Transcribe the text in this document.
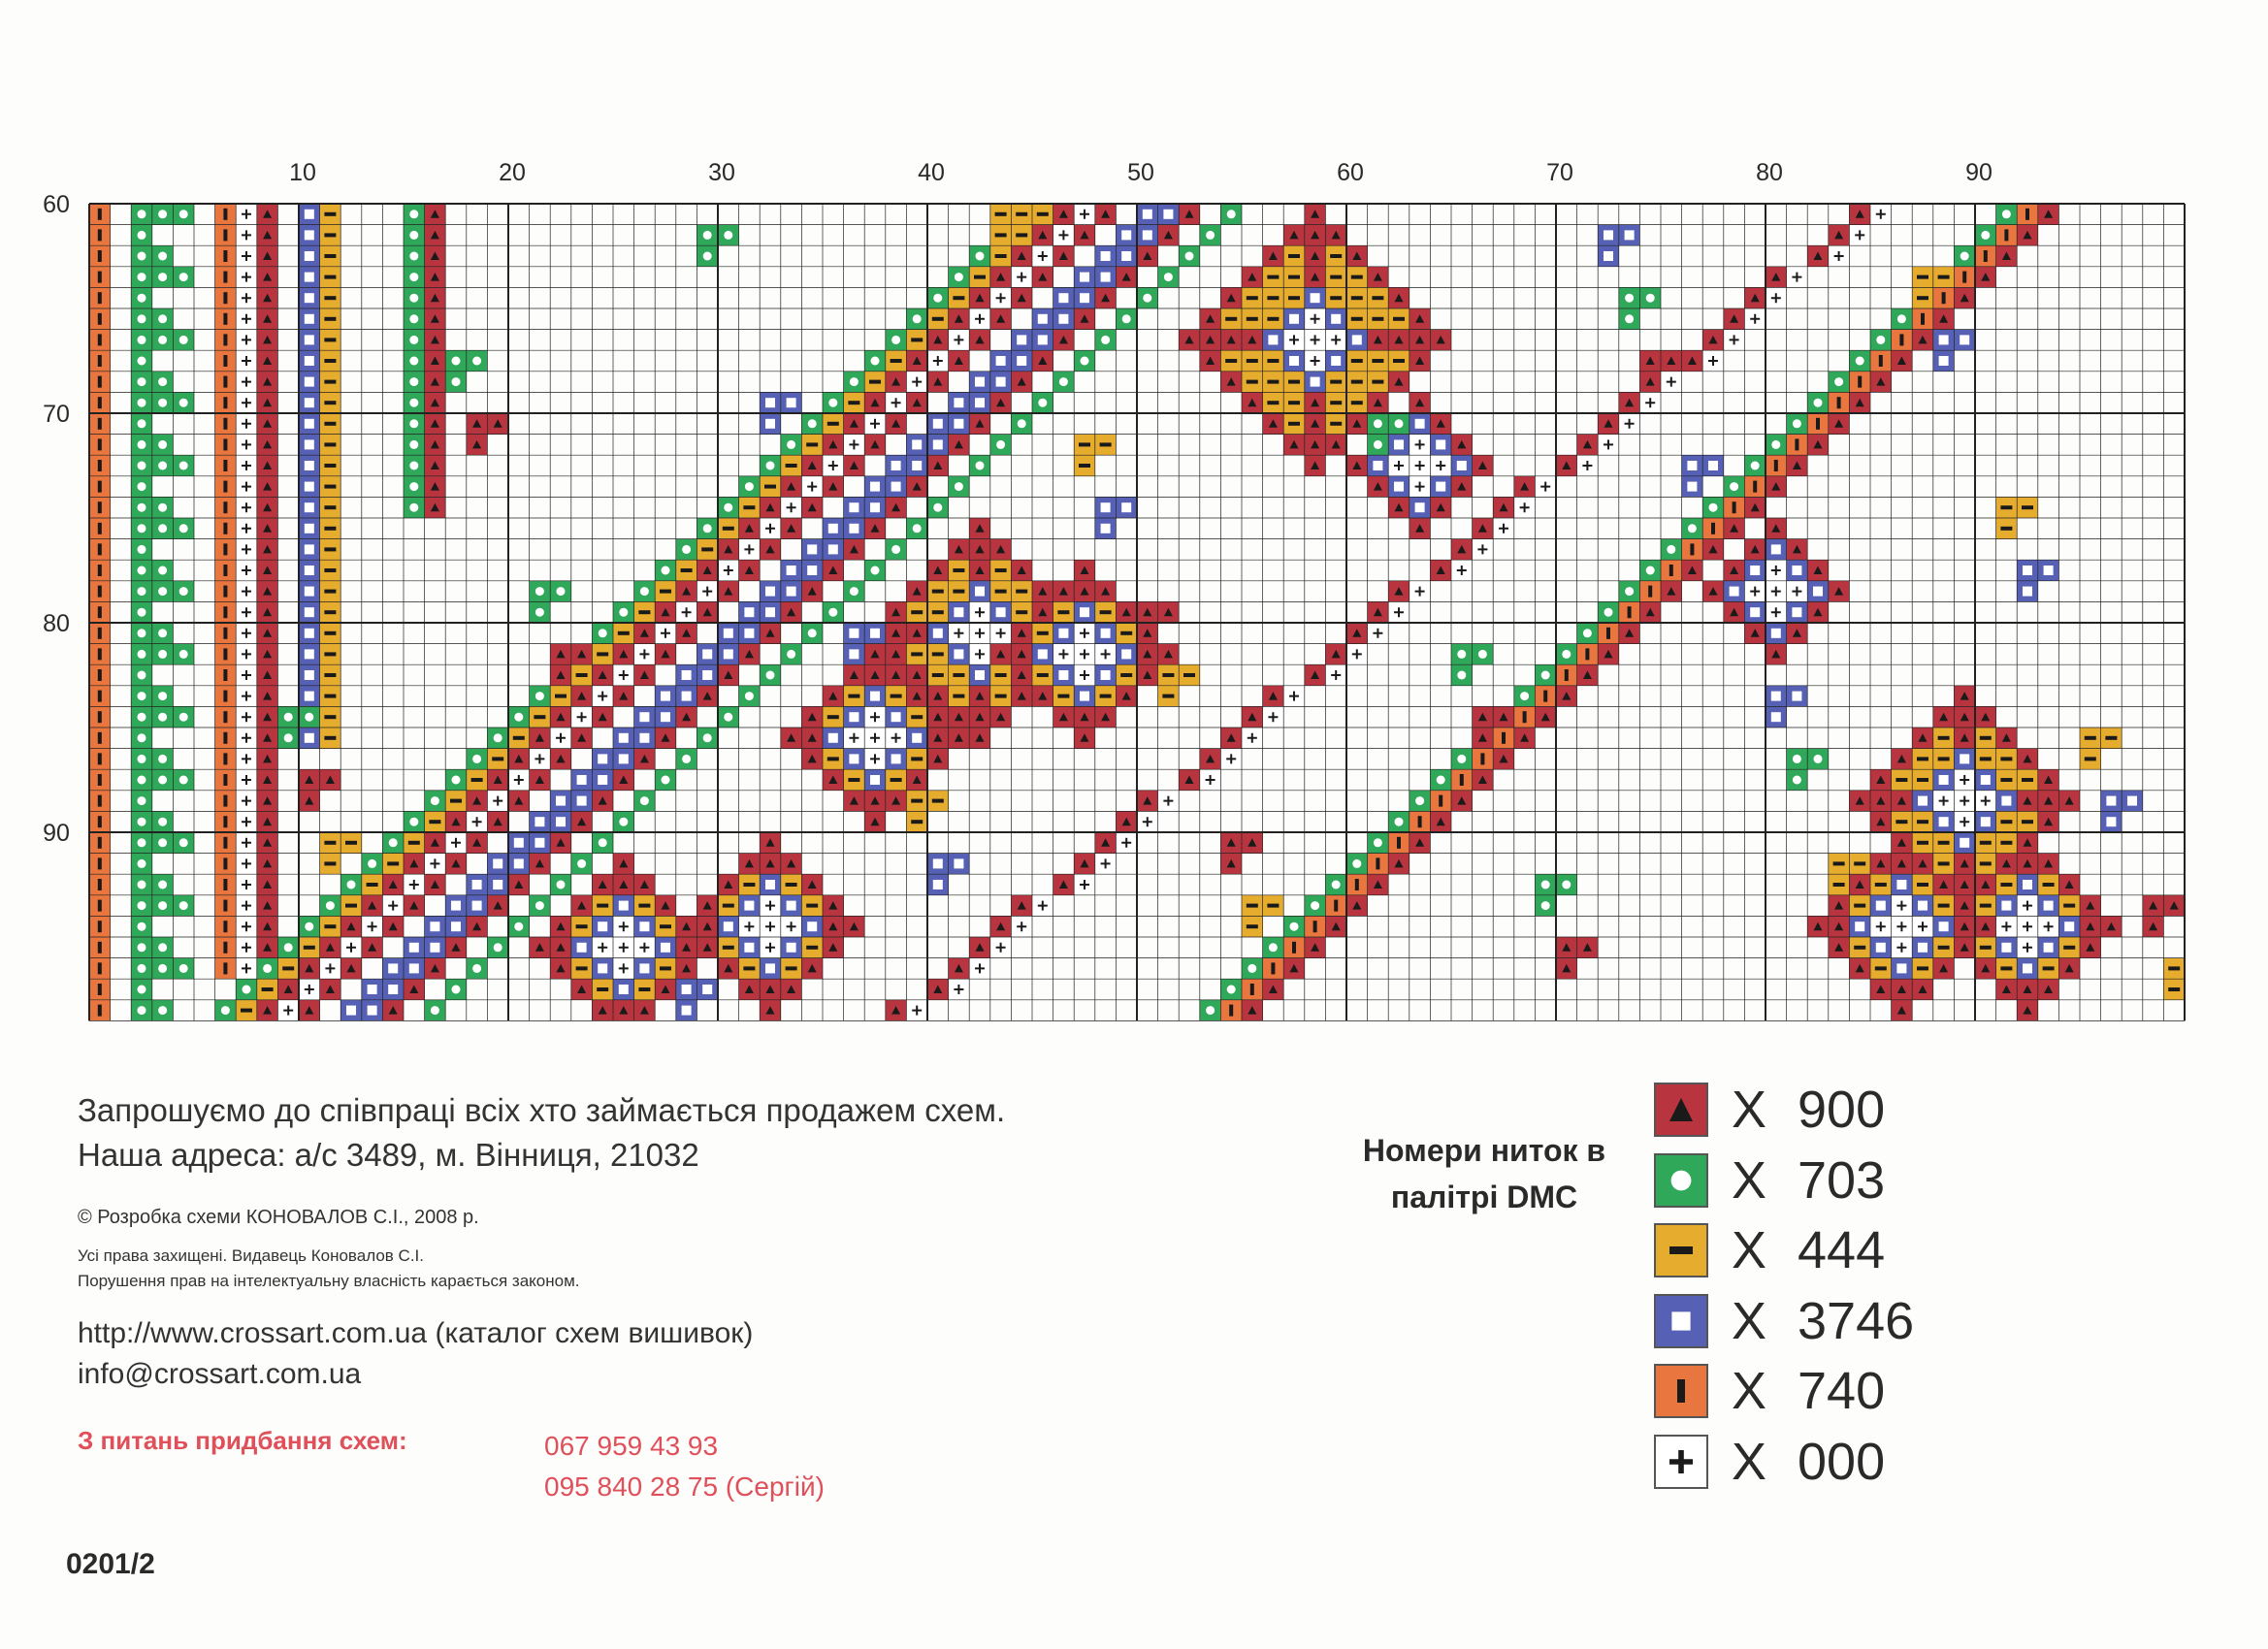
10	20	30	40	50	60	70	80	90
60
70
80
90
Запрошуємо до співпраці всіх хто займається продажем схем.
Наша адреса: а/с 3489, м. Вінниця, 21032
© Розробка схеми КОНОВАЛОВ С.І., 2008 р.
Усі права захищені. Видавець Коновалов С.І.
Порушення прав на інтелектуальну власність карається законом.
http://www.crossart.com.ua (каталог схем вишивок)
info@crossart.com.ua
З питань придбання схем:	067 959 43 93
095 840 28 75 (Сергій)
0201/2
Номери ниток в палітрі DMC
X 900
X 703
X 444
X 3746
X 740
X 000
